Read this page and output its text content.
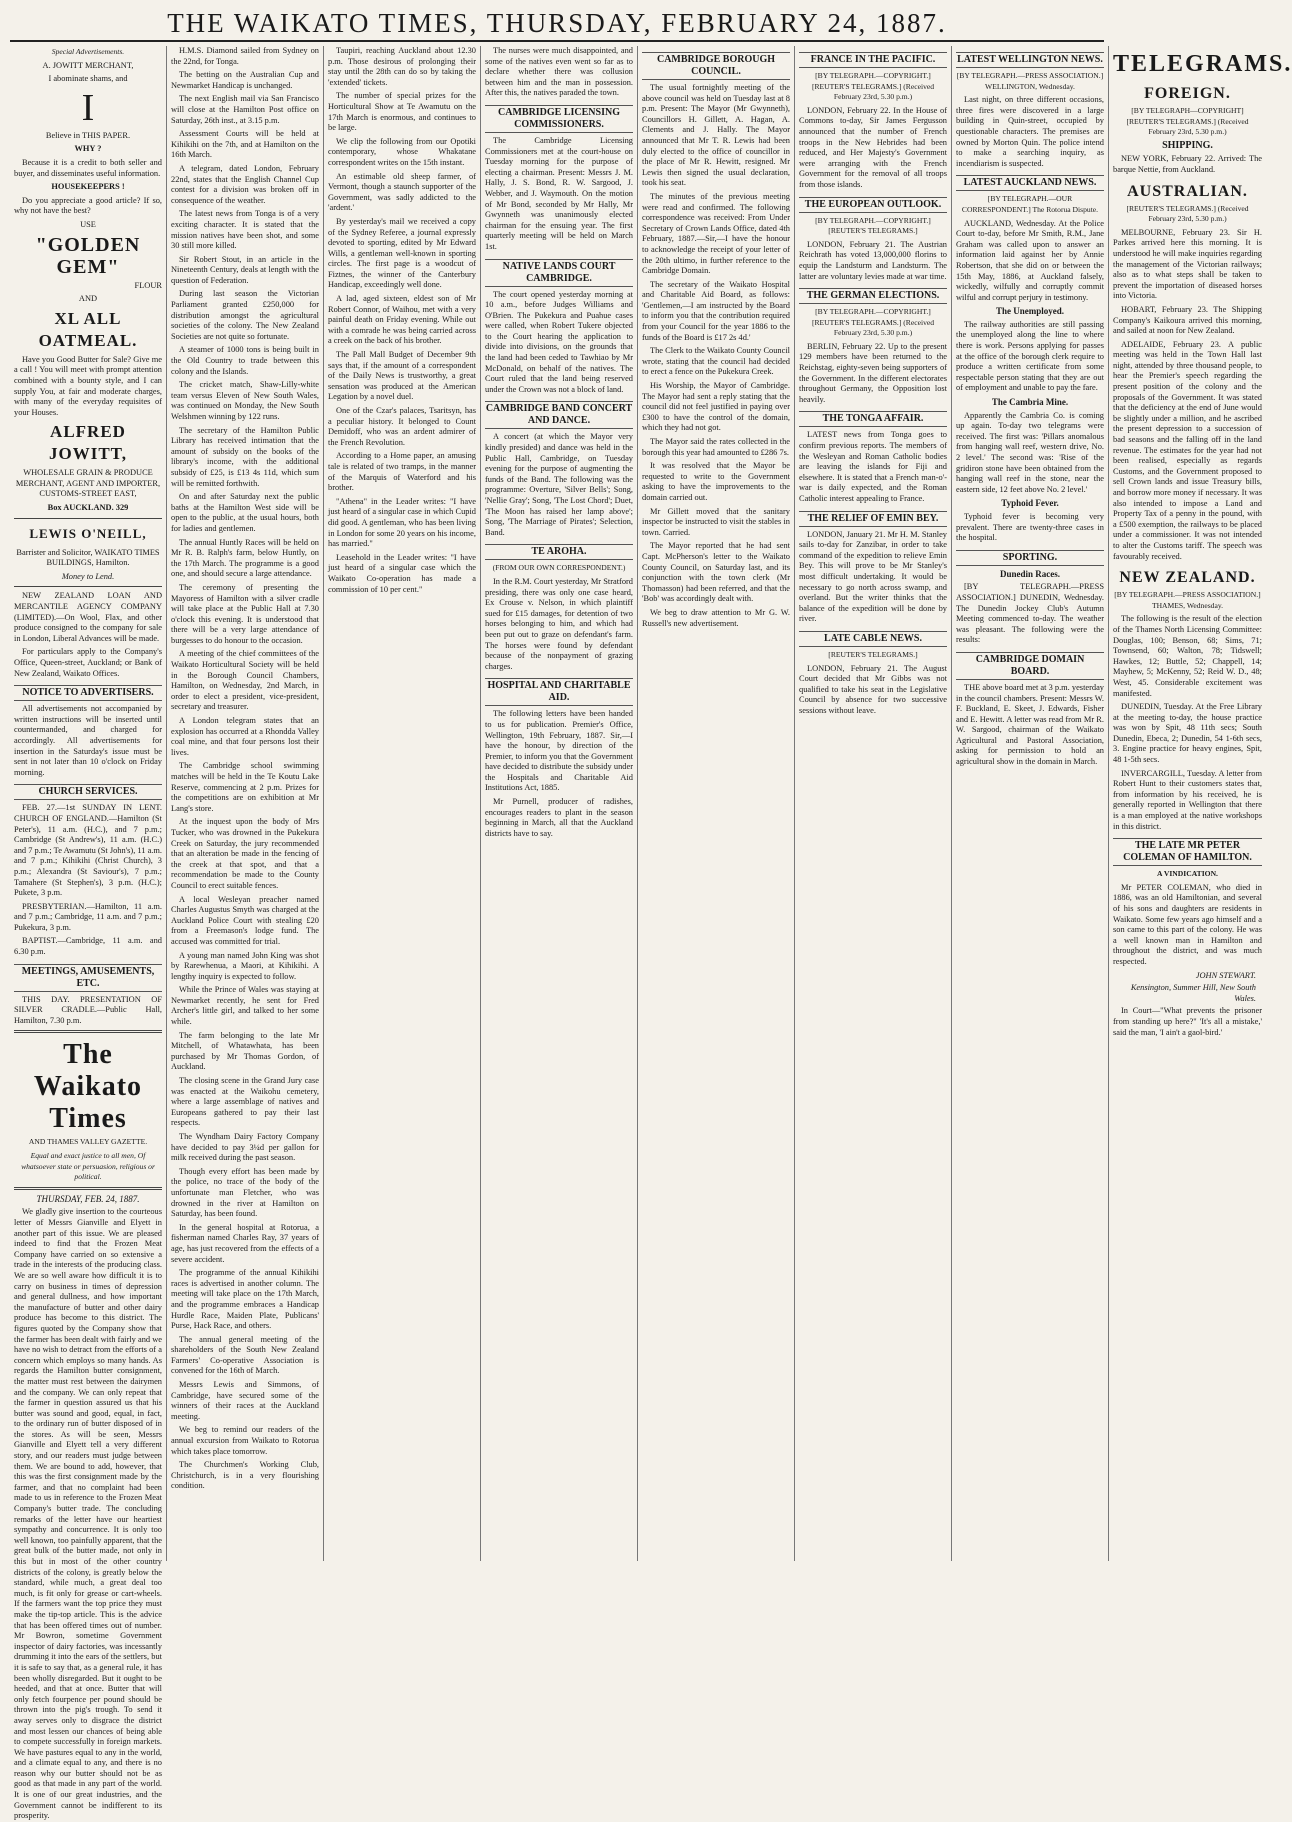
THE WAIKATO TIMES, THURSDAY, FEBRUARY 24, 1887.
Special Advertisements.
A. JOWITT MERCHANT,
I abominate shams, and
I
Believe in THIS PAPER.
WHY ?
Because it is a credit to both seller and buyer, and disseminates useful information.
HOUSEKEEPERS !
Do you appreciate a good article? If so, why not have the best?
USE
"GOLDEN GEM"
FLOUR
AND
XL ALL OATMEAL.
Have you Good Butter for Sale? Give me a call ! You will meet with prompt attention combined with a bounty style, and I can supply You, at fair and moderate charges, with many of the everyday requisites of your Houses.
ALFRED JOWITT,
WHOLESALE GRAIN & PRODUCE MERCHANT, AGENT AND IMPORTER, CUSTOMS-STREET EAST,
Box AUCKLAND. 329
LEWIS O'NEILL,
Barrister and Solicitor, WAIKATO TIMES BUILDINGS, Hamilton.
Money to Lend.
NEW ZEALAND LOAN AND MERCANTILE AGENCY COMPANY (LIMITED).—On Wool, Flax, and other produce consigned to the company for sale in London, Liberal Advances will be made.
For particulars apply to the Company's Office, Queen-street, Auckland; or Bank of New Zealand, Waikato Offices.
NOTICE TO ADVERTISERS.
All advertisements not accompanied by written instructions will be inserted until countermanded, and charged for accordingly. All advertisements for insertion in the Saturday's issue must be sent in not later than 10 o'clock on Friday morning.
CHURCH SERVICES.
FEB. 27.—1st SUNDAY IN LENT. CHURCH OF ENGLAND.—Hamilton (St Peter's), 11 a.m. (H.C.), and 7 p.m.; Cambridge (St Andrew's), 11 a.m. (H.C.) and 7 p.m.; Te Awamutu (St John's), 11 a.m. and 7 p.m.; Kihikihi (Christ Church), 3 p.m.; Alexandra (St Saviour's), 7 p.m.; Tamahere (St Stephen's), 3 p.m. (H.C.); Pukete, 3 p.m.
PRESBYTERIAN.—Hamilton, 11 a.m. and 7 p.m.; Cambridge, 11 a.m. and 7 p.m.; Pukekura, 3 p.m.
BAPTIST.—Cambridge, 11 a.m. and 6.30 p.m.
MEETINGS, AMUSEMENTS, ETC.
THIS DAY. PRESENTATION OF SILVER CRADLE.—Public Hall, Hamilton, 7.30 p.m.
The Waikato Times
AND THAMES VALLEY GAZETTE.
Equal and exact justice to all men, Of whatsoever state or persuasion, religious or political.
THURSDAY, FEB. 24, 1887.
We gladly give insertion to the courteous letter of Messrs Gianville and Elyett in another part of this issue. We are pleased indeed to find that the Frozen Meat Company have carried on so extensive a trade in the interests of the producing class. We are so well aware how difficult it is to carry on business in times of depression and general dullness, and how important the manufacture of butter and other dairy produce has become to this district. The figures quoted by the Company show that the farmer has been dealt with fairly and we have no wish to detract from the efforts of a concern which employs so many hands. As regards the Hamilton butter consignment, the matter must rest between the dairymen and the company. We can only repeat that the farmer in question assured us that his butter was sound and good, equal, in fact, to the ordinary run of butter disposed of in the stores. As will be seen, Messrs Gianville and Elyett tell a very different story, and our readers must judge between them. We are bound to add, however, that this was the first consignment made by the farmer, and that no complaint had been made to us in reference to the Frozen Meat Company's butter trade. The concluding remarks of the letter have our heartiest sympathy and concurrence. It is only too well known, too painfully apparent, that the great bulk of the butter made, not only in this but in most of the other country districts of the colony, is greatly below the standard, while much, a great deal too much, is fit only for grease or cart-wheels. If the farmers want the top price they must make the tip-top article. This is the advice that has been offered times out of number. Mr Bowron, sometime Government inspector of dairy factories, was incessantly drumming it into the ears of the settlers, but it is safe to say that, as a general rule, it has been wholly disregarded. But it ought to be heeded, and that at once. Butter that will only fetch fourpence per pound should be thrown into the pig's trough. To send it away serves only to disgrace the district and most lessen our chances of being able to compete successfully in foreign markets. We have pastures equal to any in the world, and a climate equal to any, and there is no reason why our butter should not be as good as that made in any part of the world. It is one of our great industries, and the Government cannot be indifferent to its prosperity.
H.M.S. Diamond sailed from Sydney on the 22nd, for Tonga.
The betting on the Australian Cup and Newmarket Handicap is unchanged.
The next English mail via San Francisco will close at the Hamilton Post office on Saturday, 26th inst., at 3.15 p.m.
Assessment Courts will be held at Kihikihi on the 7th, and at Hamilton on the 16th March.
A telegram, dated London, February 22nd, states that the English Channel Cup contest for a division was broken off in consequence of the weather.
The latest news from Tonga is of a very exciting character. It is stated that the mission natives have been shot, and some 30 still more killed.
Sir Robert Stout, in an article in the Nineteenth Century, deals at length with the question of Federation.
During last season the Victorian Parliament granted £250,000 for distribution amongst the agricultural societies of the colony. The New Zealand Societies are not quite so fortunate.
A steamer of 1000 tons is being built in the Old Country to trade between this colony and the Islands.
The cricket match, Shaw-Lilly-white team versus Eleven of New South Wales, was continued on Monday, the New South Welshmen winning by 122 runs.
The secretary of the Hamilton Public Library has received intimation that the amount of subsidy on the books of the library's income, with the additional subsidy of £25, is £13 4s 11d, which sum will be remitted forthwith.
On and after Saturday next the public baths at the Hamilton West side will be open to the public, at the usual hours, both for ladies and gentlemen.
The annual Huntly Races will be held on Mr R. B. Ralph's farm, below Huntly, on the 17th March. The programme is a good one, and should secure a large attendance.
The ceremony of presenting the Mayoress of Hamilton with a silver cradle will take place at the Public Hall at 7.30 o'clock this evening. It is understood that there will be a very large attendance of burgesses to do honour to the occasion.
A meeting of the chief committees of the Waikato Horticultural Society will be held in the Borough Council Chambers, Hamilton, on Wednesday, 2nd March, in order to elect a president, vice-president, secretary and treasurer.
A London telegram states that an explosion has occurred at a Rhondda Valley coal mine, and that four persons lost their lives.
The Cambridge school swimming matches will be held in the Te Koutu Lake Reserve, commencing at 2 p.m. Prizes for the competitions are on exhibition at Mr Lang's store.
At the inquest upon the body of Mrs Tucker, who was drowned in the Pukekura Creek on Saturday, the jury recommended that an alteration be made in the fencing of the creek at that spot, and that a recommendation be made to the County Council to erect suitable fences.
A local Wesleyan preacher named Charles Augustus Smyth was charged at the Auckland Police Court with stealing £20 from a Freemason's lodge fund. The accused was committed for trial.
A young man named John King was shot by Rarewhenua, a Maori, at Kihikihi. A lengthy inquiry is expected to follow.
While the Prince of Wales was staying at Newmarket recently, he sent for Fred Archer's little girl, and talked to her some while.
The farm belonging to the late Mr Mitchell, of Whatawhata, has been purchased by Mr Thomas Gordon, of Auckland.
The closing scene in the Grand Jury case was enacted at the Waikohu cemetery, where a large assemblage of natives and Europeans gathered to pay their last respects.
The Wyndham Dairy Factory Company have decided to pay 3¼d per gallon for milk received during the past season.
Though every effort has been made by the police, no trace of the body of the unfortunate man Fletcher, who was drowned in the river at Hamilton on Saturday, has been found.
In the general hospital at Rotorua, a fisherman named Charles Ray, 37 years of age, has just recovered from the effects of a severe accident.
The programme of the annual Kihikihi races is advertised in another column. The meeting will take place on the 17th March, and the programme embraces a Handicap Hurdle Race, Maiden Plate, Publicans' Purse, Hack Race, and others.
The annual general meeting of the shareholders of the South New Zealand Farmers' Co-operative Association is convened for the 16th of March.
Messrs Lewis and Simmons, of Cambridge, have secured some of the winners of their races at the Auckland meeting.
We beg to remind our readers of the annual excursion from Waikato to Rotorua which takes place tomorrow.
The Churchmen's Working Club, Christchurch, is in a very flourishing condition.
Taupiri, reaching Auckland about 12.30 p.m. Those desirous of prolonging their stay until the 28th can do so by taking the 'extended' tickets.
The number of special prizes for the Horticultural Show at Te Awamutu on the 17th March is enormous, and continues to be large.
We clip the following from our Opotiki contemporary, whose Whakatane correspondent writes on the 15th instant.
An estimable old sheep farmer, of Vermont, though a staunch supporter of the Government, was sadly addicted to the 'ardent.'
By yesterday's mail we received a copy of the Sydney Referee, a journal expressly devoted to sporting, edited by Mr Edward Wills, a gentleman well-known in sporting circles. The first page is a woodcut of Fiztnes, the winner of the Canterbury Handicap, exceedingly well done.
A lad, aged sixteen, eldest son of Mr Robert Connor, of Waihou, met with a very painful death on Friday evening. While out with a comrade he was being carried across a creek on the back of his brother.
The Pall Mall Budget of December 9th says that, if the amount of a correspondent of the Daily News is trustworthy, a great sensation was produced at the American Legation by a novel duel.
One of the Czar's palaces, Tsaritsyn, has a peculiar history. It belonged to Count Demidoff, who was an ardent admirer of the French Revolution.
According to a Home paper, an amusing tale is related of two tramps, in the manner of the Marquis of Waterford and his brother.
"Athena" in the Leader writes: "I have just heard of a singular case in which Cupid did good. A gentleman, who has been living in London for some 20 years on his income, has married."
Leasehold in the Leader writes: "I have just heard of a singular case which the Waikato Co-operation has made a commission of 10 per cent."
The nurses were much disappointed, and some of the natives even went so far as to declare whether there was collusion between him and the man in possession. After this, the natives paraded the town.
CAMBRIDGE LICENSING COMMISSIONERS.
The Cambridge Licensing Commissioners met at the court-house on Tuesday morning for the purpose of electing a chairman. Present: Messrs J. M. Hally, J. S. Bond, R. W. Sargood, J. Webber, and J. Waymouth. On the motion of Mr Bond, seconded by Mr Hally, Mr Gwynneth was unanimously elected chairman for the ensuing year. The first quarterly meeting will be held on March 1st.
NATIVE LANDS COURT CAMBRIDGE.
The court opened yesterday morning at 10 a.m., before Judges Williams and O'Brien. The Pukekura and Puahue cases were called, when Robert Tukere objected to the Court hearing the application to divide into divisions, on the grounds that the land had been ceded to Tawhiao by Mr McDonald, on behalf of the natives. The Court ruled that the land being reserved under the Crown was not a block of land.
CAMBRIDGE BAND CONCERT AND DANCE.
A concert (at which the Mayor very kindly presided) and dance was held in the Public Hall, Cambridge, on Tuesday evening for the purpose of augmenting the funds of the Band. The following was the programme: Overture, 'Silver Bells'; Song, 'Nellie Gray'; Song, 'The Lost Chord'; Duet, 'The Moon has raised her lamp above'; Song, 'The Marriage of Pirates'; Selection, Band.
TE AROHA.
(FROM OUR OWN CORRESPONDENT.)
In the R.M. Court yesterday, Mr Stratford presiding, there was only one case heard, Ex Crouse v. Nelson, in which plaintiff sued for £15 damages, for detention of two horses belonging to him, and which had been put out to graze on defendant's farm. The horses were found by defendant because of the nonpayment of grazing charges.
HOSPITAL AND CHARITABLE AID.
The following letters have been handed to us for publication. Premier's Office, Wellington, 19th February, 1887. Sir,—I have the honour, by direction of the Premier, to inform you that the Government have decided to distribute the subsidy under the Hospitals and Charitable Aid Institutions Act, 1885.
Mr Purnell, producer of radishes, encourages readers to plant in the season beginning in March, all that the Auckland districts have to say.
CAMBRIDGE BOROUGH COUNCIL.
The usual fortnightly meeting of the above council was held on Tuesday last at 8 p.m. Present: The Mayor (Mr Gwynneth), Councillors H. Gillett, A. Hagan, A. Clements and J. Hally. The Mayor announced that Mr T. R. Lewis had been duly elected to the office of councillor in the place of Mr R. Hewitt, resigned. Mr Lewis then signed the usual declaration, took his seat.
The minutes of the previous meeting were read and confirmed. The following correspondence was received: From Under Secretary of Crown Lands Office, dated 4th February, 1887.—Sir,—I have the honour to acknowledge the receipt of your letter of the 20th ultimo, in further reference to the Cambridge Domain.
The secretary of the Waikato Hospital and Charitable Aid Board, as follows: 'Gentlemen,—I am instructed by the Board to inform you that the contribution required from your Council for the year 1886 to the funds of the Board is £17 2s 4d.'
The Clerk to the Waikato County Council wrote, stating that the council had decided to erect a fence on the Pukekura Creek.
His Worship, the Mayor of Cambridge. The Mayor had sent a reply stating that the council did not feel justified in paying over £300 to have the control of the domain, which they had not got.
The Mayor said the rates collected in the borough this year had amounted to £286 7s.
It was resolved that the Mayor be requested to write to the Government asking to have the improvements to the domain carried out.
Mr Gillett moved that the sanitary inspector be instructed to visit the stables in town. Carried.
The Mayor reported that he had sent Capt. McPherson's letter to the Waikato County Council, on Saturday last, and its conjunction with the town clerk (Mr Thomasson) had been referred, and that the 'Bob' was accordingly dealt with.
We beg to draw attention to Mr G. W. Russell's new advertisement.
FRANCE IN THE PACIFIC.
[BY TELEGRAPH.—COPYRIGHT.] [REUTER'S TELEGRAMS.] (Received February 23rd, 5.30 p.m.)
LONDON, February 22. In the House of Commons to-day, Sir James Fergusson announced that the number of French troops in the New Hebrides had been reduced, and Her Majesty's Government were arranging with the French Government for the removal of all troops from those islands.
THE EUROPEAN OUTLOOK.
[BY TELEGRAPH.—COPYRIGHT.] [REUTER'S TELEGRAMS.]
LONDON, February 21. The Austrian Reichrath has voted 13,000,000 florins to equip the Landsturm and Landsturm. The latter are voluntary levies made at war time.
THE GERMAN ELECTIONS.
[BY TELEGRAPH.—COPYRIGHT.] [REUTER'S TELEGRAMS.] (Received February 23rd, 5.30 p.m.)
BERLIN, February 22. Up to the present 129 members have been returned to the Reichstag, eighty-seven being supporters of the Government. In the different electorates throughout Germany, the Opposition lost heavily.
THE TONGA AFFAIR.
LATEST news from Tonga goes to confirm previous reports. The members of the Wesleyan and Roman Catholic bodies are leaving the islands for Fiji and elsewhere. It is stated that a French man-o'-war is daily expected, and the Roman Catholic interest appealing to France.
THE RELIEF OF EMIN BEY.
LONDON, January 21. Mr H. M. Stanley sails to-day for Zanzibar, in order to take command of the expedition to relieve Emin Bey. This will prove to be Mr Stanley's most difficult undertaking. It would be necessary to go north across swamp, and overland. But the writer thinks that the balance of the expedition will be done by river.
LATE CABLE NEWS.
[REUTER'S TELEGRAMS.]
LONDON, February 21. The August Court decided that Mr Gibbs was not qualified to take his seat in the Legislative Council by absence for two successive sessions without leave.
LATEST WELLINGTON NEWS.
[BY TELEGRAPH.—PRESS ASSOCIATION.] WELLINGTON, Wednesday.
Last night, on three different occasions, three fires were discovered in a large building in Quin-street, occupied by questionable characters. The premises are owned by Morton Quin. The police intend to make a searching inquiry, as incendiarism is suspected.
LATEST AUCKLAND NEWS.
[BY TELEGRAPH.—OUR CORRESPONDENT.] The Rotorua Dispute.
AUCKLAND, Wednesday. At the Police Court to-day, before Mr Smith, R.M., Jane Graham was called upon to answer an information laid against her by Annie Robertson, that she did on or between the 15th May, 1886, at Auckland falsely, wickedly, wilfully and corruptly commit wilful and corrupt perjury in testimony.
The Unemployed.
The railway authorities are still passing the unemployed along the line to where there is work. Persons applying for passes at the office of the borough clerk require to produce a written certificate from some respectable person stating that they are out of employment and unable to pay the fare.
The Cambria Mine.
Apparently the Cambria Co. is coming up again. To-day two telegrams were received. The first was: 'Pillars anomalous from hanging wall reef, western drive, No. 2 level.' The second was: 'Rise of the gridiron stone have been obtained from the hanging wall reef in the stone, near the eastern side, 12 feet above No. 2 level.'
Typhoid Fever.
Typhoid fever is becoming very prevalent. There are twenty-three cases in the hospital.
SPORTING.
Dunedin Races.
[BY TELEGRAPH.—PRESS ASSOCIATION.] DUNEDIN, Wednesday. The Dunedin Jockey Club's Autumn Meeting commenced to-day. The weather was pleasant. The following were the results:
CAMBRIDGE DOMAIN BOARD.
THE above board met at 3 p.m. yesterday in the council chambers. Present: Messrs W. F. Buckland, E. Skeet, J. Edwards, Fisher and E. Hewitt. A letter was read from Mr R. W. Sargood, chairman of the Waikato Agricultural and Pastoral Association, asking for permission to hold an agricultural show in the domain in March.
TELEGRAMS.
FOREIGN.
[BY TELEGRAPH—COPYRIGHT] [REUTER'S TELEGRAMS.] (Received February 23rd, 5.30 p.m.)
SHIPPING.
NEW YORK, February 22. Arrived: The barque Nettie, from Auckland.
AUSTRALIAN.
[REUTER'S TELEGRAMS.] (Received February 23rd, 5.30 p.m.)
MELBOURNE, February 23. Sir H. Parkes arrived here this morning. It is understood he will make inquiries regarding the management of the Victorian railways; also as to what steps shall be taken to prevent the importation of diseased horses into Victoria.
HOBART, February 23. The Shipping Company's Kaikoura arrived this morning, and sailed at noon for New Zealand.
ADELAIDE, February 23. A public meeting was held in the Town Hall last night, attended by three thousand people, to hear the Premier's speech regarding the present position of the colony and the proposals of the Government. It was stated that the deficiency at the end of June would be slightly under a million, and he ascribed the present depression to a succession of bad seasons and the falling off in the land revenue. The estimates for the year had not been realised, especially as regards Customs, and the Government proposed to sell Crown lands and issue Treasury bills, and borrow more money if necessary. It was also intended to impose a Land and Property Tax of a penny in the pound, with a £500 exemption, the railways to be placed under a commissioner. It was not intended to alter the Customs tariff. The speech was favourably received.
NEW ZEALAND.
[BY TELEGRAPH.—PRESS ASSOCIATION.] THAMES, Wednesday.
The following is the result of the election of the Thames North Licensing Committee: Douglas, 100; Benson, 68; Sims, 71; Townsend, 60; Walton, 78; Tidswell; Hawkes, 12; Buttle, 52; Chappell, 14; Mayhew, 5; McKenny, 52; Reid W. D., 48; West, 45. Considerable excitement was manifested.
DUNEDIN, Tuesday. At the Free Library at the meeting to-day, the house practice was won by Spit, 48 11th secs; South Dunedin, Ebeca, 2; Dunedin, 54 1-6th secs, 3. Engine practice for heavy engines, Spit, 48 1-5th secs.
INVERCARGILL, Tuesday. A letter from Robert Hunt to their customers states that, from information by his received, he is generally reported in Wellington that there is a man employed at the native workshops in this district.
THE LATE MR PETER COLEMAN OF HAMILTON.
A VINDICATION.
Mr PETER COLEMAN, who died in 1886, was an old Hamiltonian, and several of his sons and daughters are residents in Waikato. Some few years ago himself and a son came to this part of the colony. He was a well known man in Hamilton and throughout the district, and was much respected.
JOHN STEWART.
Kensington, Summer Hill, New South Wales.
In Court—"What prevents the prisoner from standing up here?" 'It's all a mistake,' said the man, 'I ain't a gaol-bird.'
